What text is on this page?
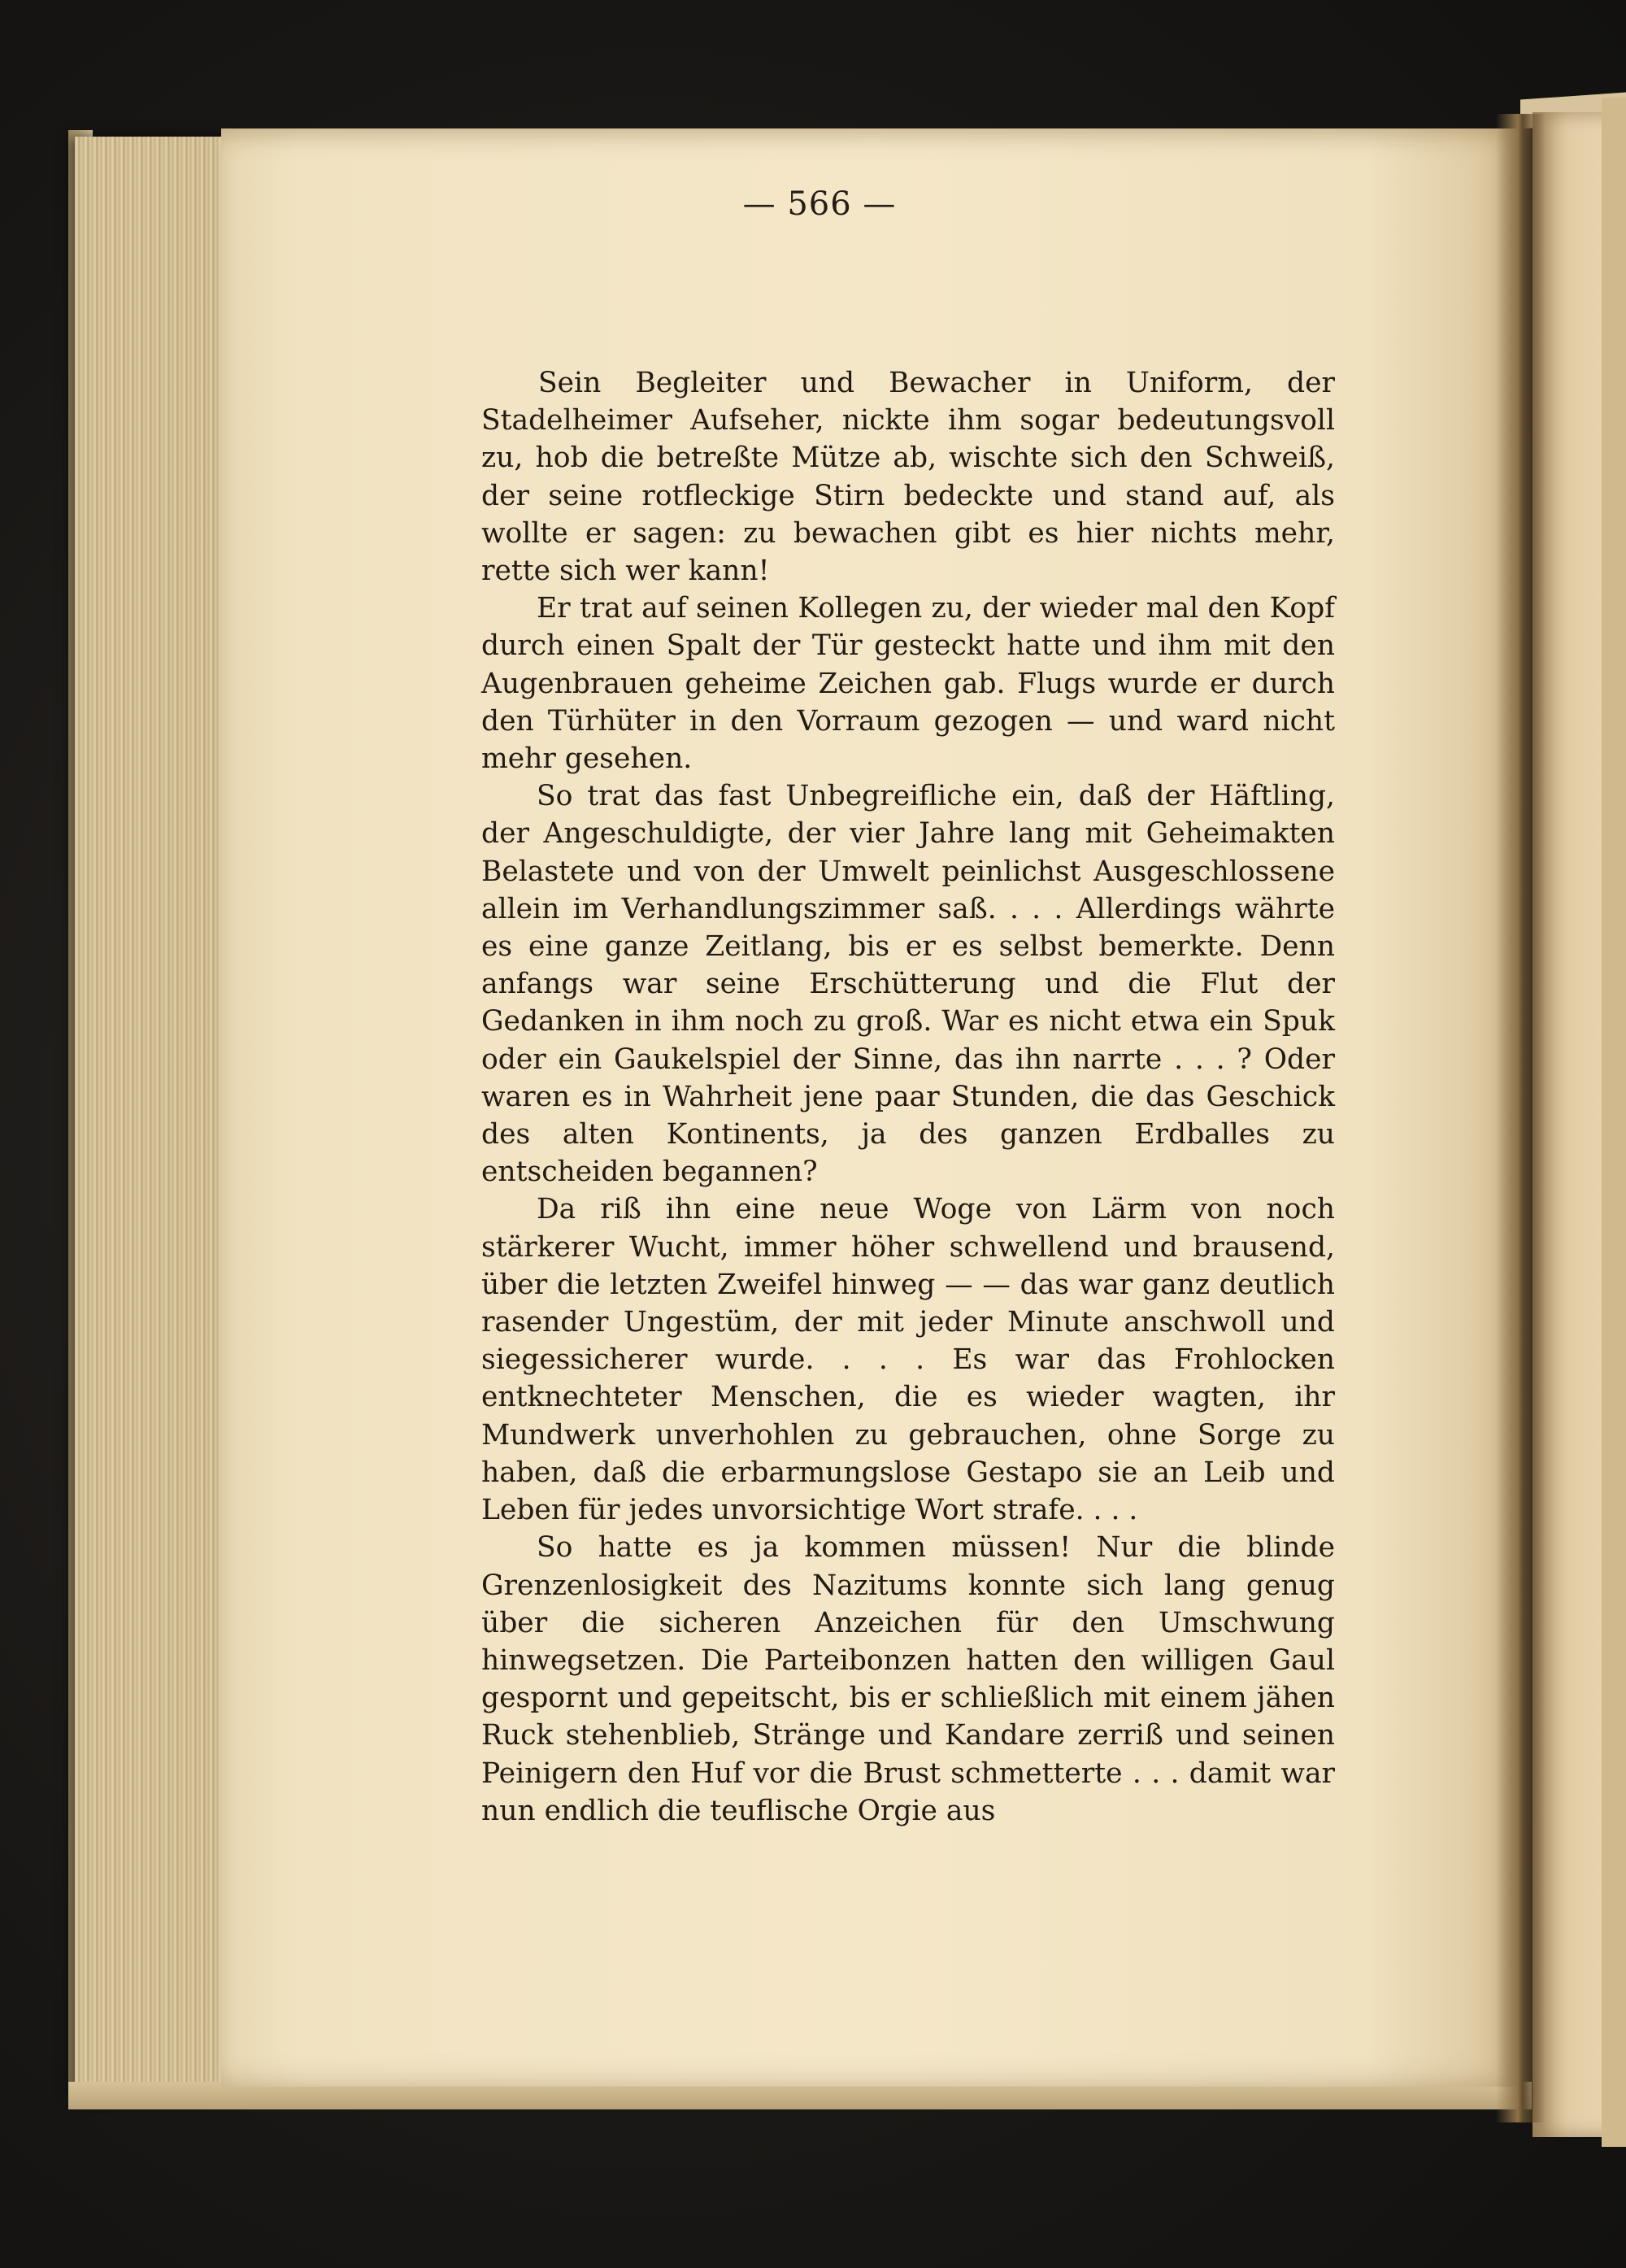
— 566 —

Sein Begleiter und Bewacher in Uniform, der Stadelheimer Aufseher, nickte ihm sogar bedeutungsvoll zu, hob die betreßte Mütze ab, wischte sich den Schweiß, der seine rotfleckige Stirn bedeckte und stand auf, als wollte er sagen: zu bewachen gibt es hier nichts mehr, rette sich wer kann!

Er trat auf seinen Kollegen zu, der wieder mal den Kopf durch einen Spalt der Tür gesteckt hatte und ihm mit den Augenbrauen geheime Zeichen gab. Flugs wurde er durch den Türhüter in den Vorraum gezogen — und ward nicht mehr gesehen.

So trat das fast Unbegreifliche ein, daß der Häftling, der Angeschuldigte, der vier Jahre lang mit Geheimakten Belastete und von der Umwelt peinlichst Ausgeschlossene allein im Verhandlungszimmer saß. . . . Allerdings währte es eine ganze Zeitlang, bis er es selbst bemerkte. Denn anfangs war seine Erschütterung und die Flut der Gedanken in ihm noch zu groß. War es nicht etwa ein Spuk oder ein Gaukelspiel der Sinne, das ihn narrte . . . ? Oder waren es in Wahrheit jene paar Stunden, die das Geschick des alten Kontinents, ja des ganzen Erdballes zu entscheiden begannen?

Da riß ihn eine neue Woge von Lärm von noch stärkerer Wucht, immer höher schwellend und brausend, über die letzten Zweifel hinweg — — das war ganz deutlich rasender Ungestüm, der mit jeder Minute anschwoll und siegessicherer wurde. . . . Es war das Frohlocken entknechteter Menschen, die es wieder wagten, ihr Mundwerk unverhohlen zu gebrauchen, ohne Sorge zu haben, daß die erbarmungslose Gestapo sie an Leib und Leben für jedes unvorsichtige Wort strafe. . . .

So hatte es ja kommen müssen! Nur die blinde Grenzenlosigkeit des Nazitums konnte sich lang genug über die sicheren Anzeichen für den Umschwung hinwegsetzen. Die Parteibonzen hatten den willigen Gaul gespornt und gepeitscht, bis er schließlich mit einem jähen Ruck stehenblieb, Stränge und Kandare zerriß und seinen Peinigern den Huf vor die Brust schmetterte . . . damit war nun endlich die teuflische Orgie aus
